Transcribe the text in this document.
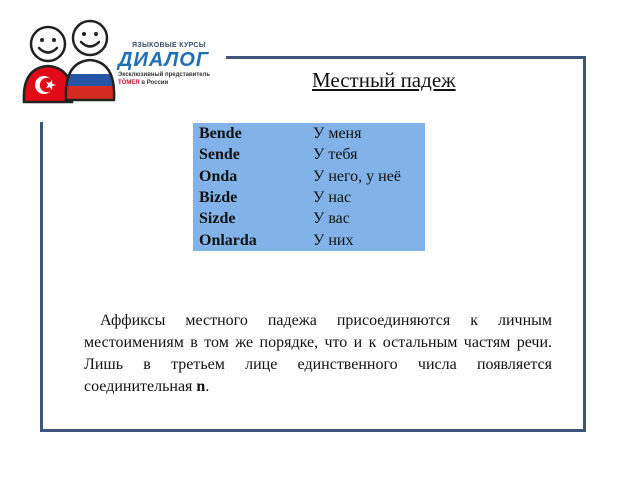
ЯЗЫКОВЫЕ КУРСЫ
ДИАЛОГ
Эксклюзивный представитель
TÖMER в России	Местный падеж
Bende	У меня
Sende	У тебя
Onda	У него, у неё
Bizde	У нас
Sizde	У вас
Onlarda	У них

Аффиксы местного падежа присоединяются к личным местоимениям в том же порядке, что и к остальным частям речи. Лишь в третьем лице единственного числа появляется соединительная n.
